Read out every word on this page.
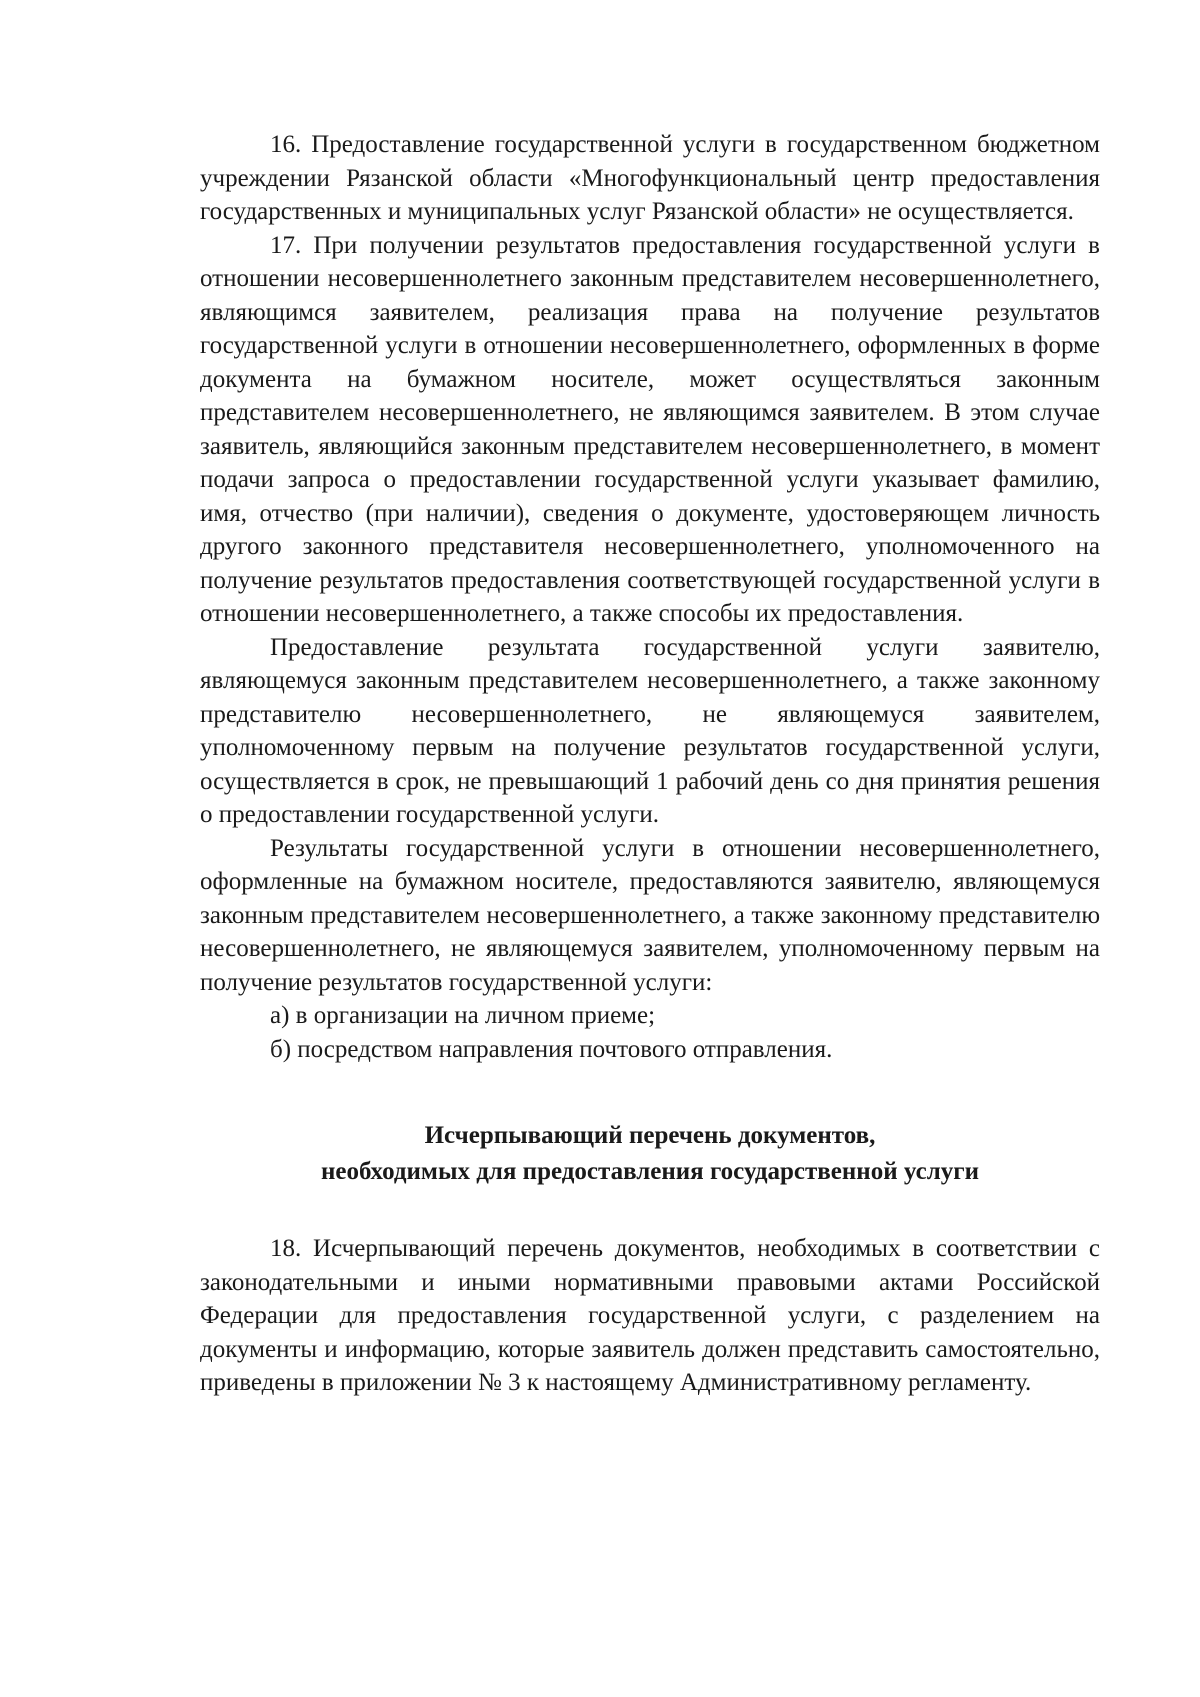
16. Предоставление государственной услуги в государственном бюджетном учреждении Рязанской области «Многофункциональный центр предоставления государственных и муниципальных услуг Рязанской области» не осуществляется.

17. При получении результатов предоставления государственной услуги в отношении несовершеннолетнего законным представителем несовершеннолетнего, являющимся заявителем, реализация права на получение результатов государственной услуги в отношении несовершеннолетнего, оформленных в форме документа на бумажном носителе, может осуществляться законным представителем несовершеннолетнего, не являющимся заявителем. В этом случае заявитель, являющийся законным представителем несовершеннолетнего, в момент подачи запроса о предоставлении государственной услуги указывает фамилию, имя, отчество (при наличии), сведения о документе, удостоверяющем личность другого законного представителя несовершеннолетнего, уполномоченного на получение результатов предоставления соответствующей государственной услуги в отношении несовершеннолетнего, а также способы их предоставления.

Предоставление результата государственной услуги заявителю, являющемуся законным представителем несовершеннолетнего, а также законному представителю несовершеннолетнего, не являющемуся заявителем, уполномоченному первым на получение результатов государственной услуги, осуществляется в срок, не превышающий 1 рабочий день со дня принятия решения о предоставлении государственной услуги.

Результаты государственной услуги в отношении несовершеннолетнего, оформленные на бумажном носителе, предоставляются заявителю, являющемуся законным представителем несовершеннолетнего, а также законному представителю несовершеннолетнего, не являющемуся заявителем, уполномоченному первым на получение результатов государственной услуги:

а) в организации на личном приеме;

б) посредством направления почтового отправления.

Исчерпывающий перечень документов,
необходимых для предоставления государственной услуги

18. Исчерпывающий перечень документов, необходимых в соответствии с законодательными и иными нормативными правовыми актами Российской Федерации для предоставления государственной услуги, с разделением на документы и информацию, которые заявитель должен представить самостоятельно, приведены в приложении № 3 к настоящему Административному регламенту.
